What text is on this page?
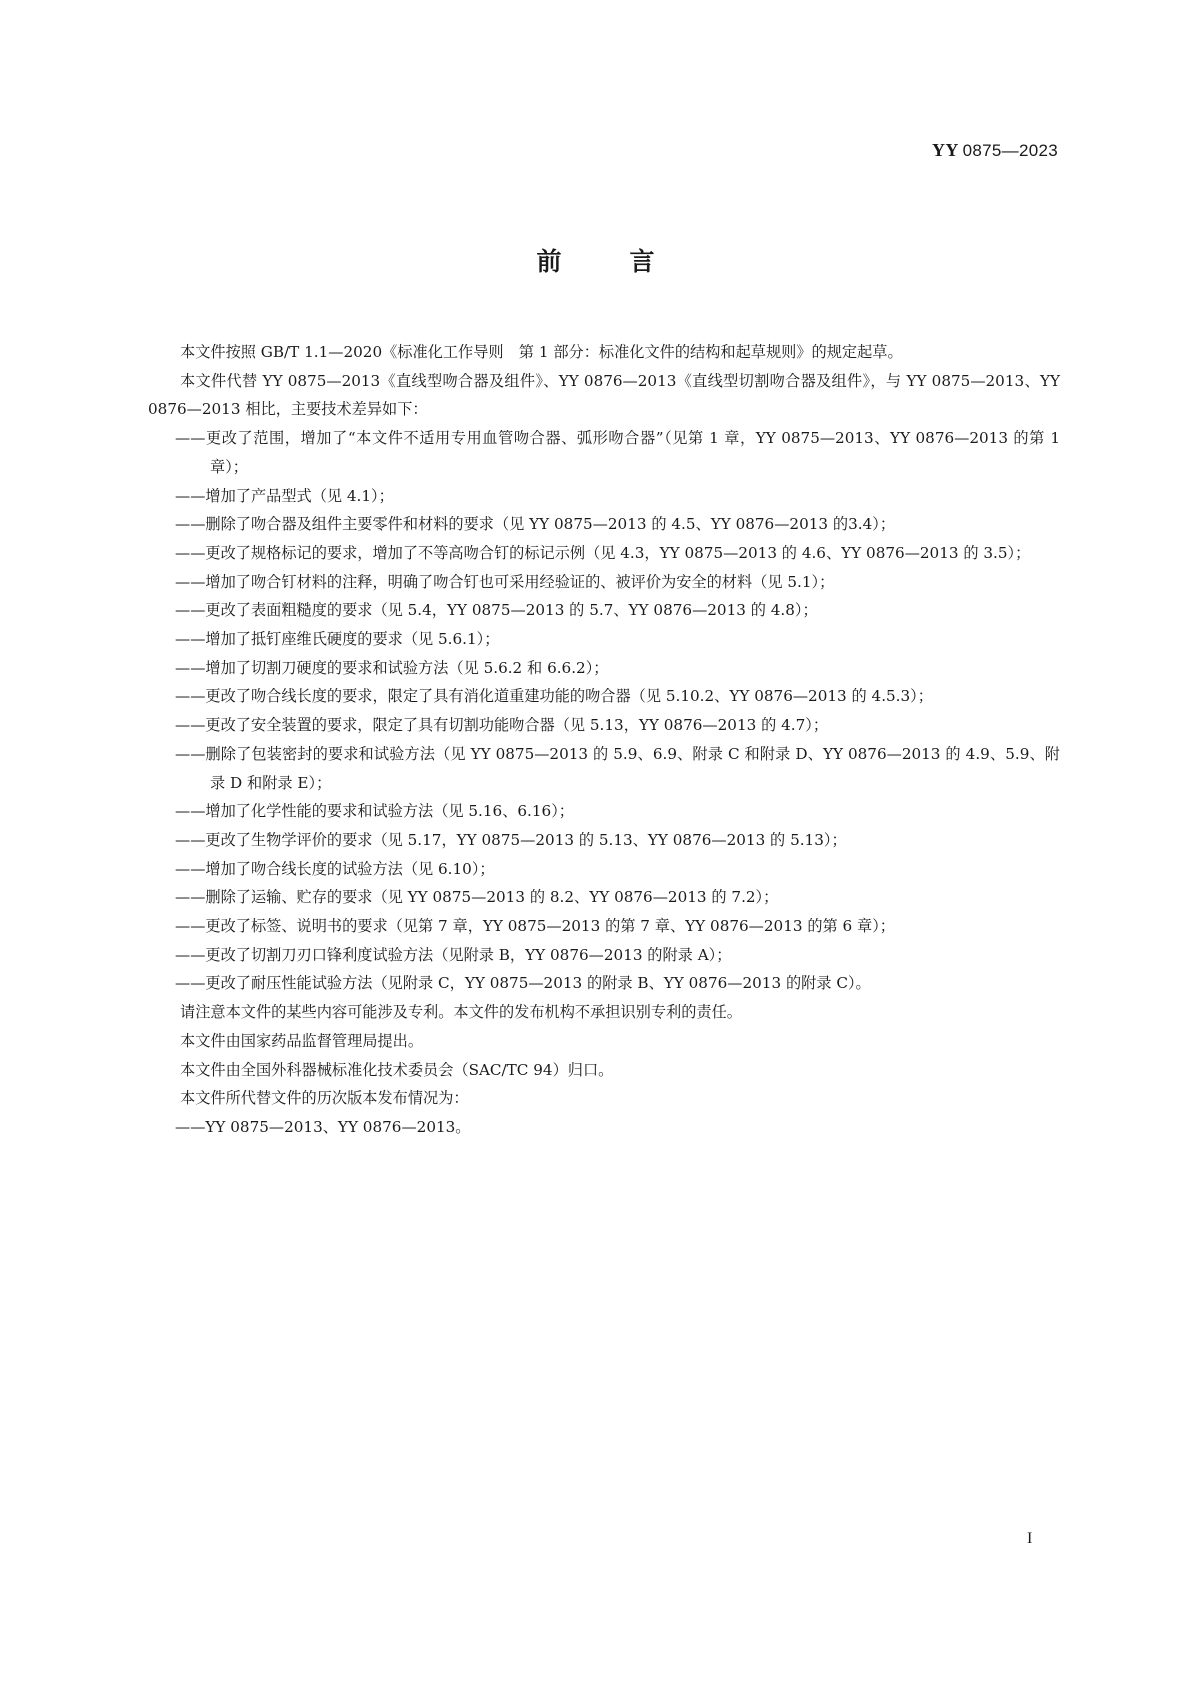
YY 0875—2023
前言

本文件按照 GB/T 1.1—2020《标准化工作导则　第 1 部分：标准化文件的结构和起草规则》的规定起草。

本文件代替 YY 0875—2013《直线型吻合器及组件》、YY 0876—2013《直线型切割吻合器及组件》，与 YY 0875—2013、YY 0876—2013 相比，主要技术差异如下：

——更改了范围，增加了“本文件不适用专用血管吻合器、弧形吻合器”（见第 1 章，YY 0875—2013、YY 0876—2013 的第 1 章）；

——增加了产品型式（见 4.1）；

——删除了吻合器及组件主要零件和材料的要求（见 YY 0875—2013 的 4.5、YY 0876—2013 的3.4）；

——更改了规格标记的要求，增加了不等高吻合钉的标记示例（见 4.3，YY 0875—2013 的 4.6、YY 0876—2013 的 3.5）；

——增加了吻合钉材料的注释，明确了吻合钉也可采用经验证的、被评价为安全的材料（见 5.1）；

——更改了表面粗糙度的要求（见 5.4，YY 0875—2013 的 5.7、YY 0876—2013 的 4.8）；

——增加了抵钉座维氏硬度的要求（见 5.6.1）；

——增加了切割刀硬度的要求和试验方法（见 5.6.2 和 6.6.2）；

——更改了吻合线长度的要求，限定了具有消化道重建功能的吻合器（见 5.10.2、YY 0876—2013 的 4.5.3）；

——更改了安全装置的要求，限定了具有切割功能吻合器（见 5.13，YY 0876—2013 的 4.7）；

——删除了包装密封的要求和试验方法（见 YY 0875—2013 的 5.9、6.9、附录 C 和附录 D、YY 0876—2013 的 4.9、5.9、附录 D 和附录 E）；

——增加了化学性能的要求和试验方法（见 5.16、6.16）；

——更改了生物学评价的要求（见 5.17，YY 0875—2013 的 5.13、YY 0876—2013 的 5.13）；

——增加了吻合线长度的试验方法（见 6.10）；

——删除了运输、贮存的要求（见 YY 0875—2013 的 8.2、YY 0876—2013 的 7.2）；

——更改了标签、说明书的要求（见第 7 章，YY 0875—2013 的第 7 章、YY 0876—2013 的第 6 章）；

——更改了切割刀刃口锋利度试验方法（见附录 B，YY 0876—2013 的附录 A）；

——更改了耐压性能试验方法（见附录 C，YY 0875—2013 的附录 B、YY 0876—2013 的附录 C）。

请注意本文件的某些内容可能涉及专利。本文件的发布机构不承担识别专利的责任。

本文件由国家药品监督管理局提出。

本文件由全国外科器械标准化技术委员会（SAC/TC 94）归口。

本文件所代替文件的历次版本发布情况为：

——YY 0875—2013、YY 0876—2013。

I
